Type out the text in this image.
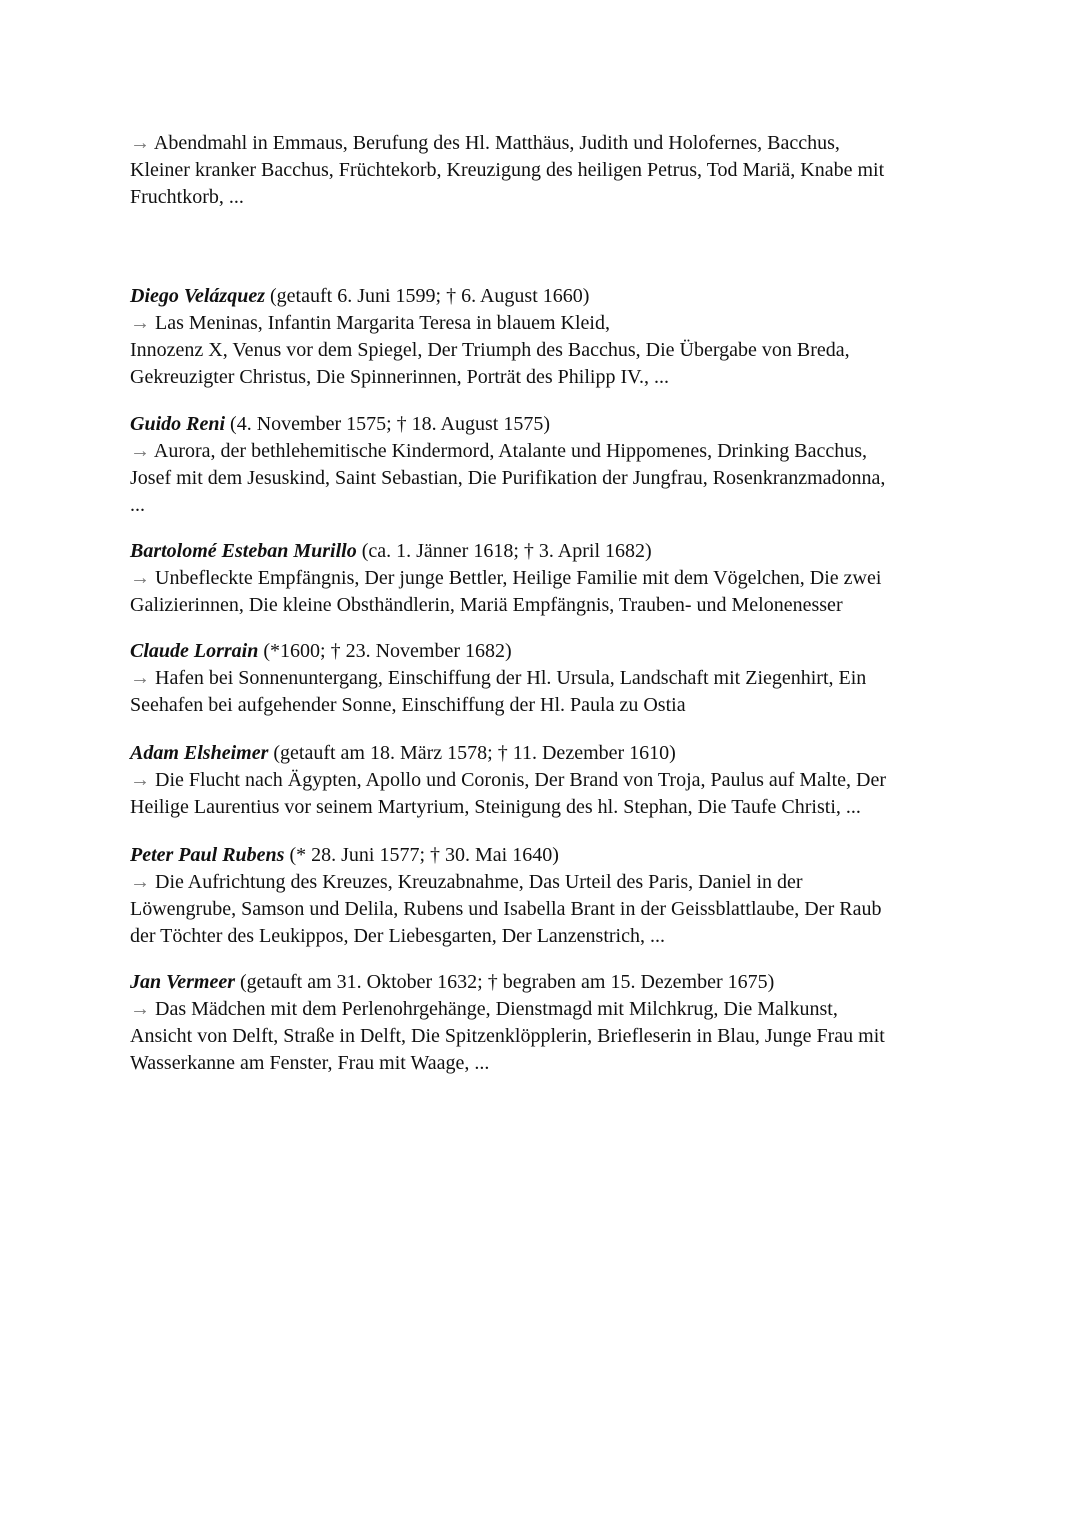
→ Abendmahl in Emmaus, Berufung des Hl. Matthäus, Judith und Holofernes, Bacchus,
Kleiner kranker Bacchus, Früchtekorb, Kreuzigung des heiligen Petrus, Tod Mariä, Knabe mit
Fruchtkorb, ...
Diego Velázquez (getauft 6. Juni 1599; † 6. August 1660)
→ Las Meninas, Infantin Margarita Teresa in blauem Kleid,
Innozenz X, Venus vor dem Spiegel, Der Triumph des Bacchus, Die Übergabe von Breda,
Gekreuzigter Christus, Die Spinnerinnen, Porträt des Philipp IV., ...
Guido Reni (4. November 1575; † 18. August 1575)
→ Aurora, der bethlehemitische Kindermord, Atalante und Hippomenes, Drinking Bacchus,
Josef mit dem Jesuskind, Saint Sebastian, Die Purifikation der Jungfrau, Rosenkranzmadonna,
...
Bartolomé Esteban Murillo (ca. 1. Jänner 1618; † 3. April 1682)
→ Unbefleckte Empfängnis, Der junge Bettler, Heilige Familie mit dem Vögelchen, Die zwei
Galizierinnen, Die kleine Obsthändlerin, Mariä Empfängnis, Trauben- und Melonenesser
Claude Lorrain (*1600; † 23. November 1682)
→ Hafen bei Sonnenuntergang, Einschiffung der Hl. Ursula, Landschaft mit Ziegenhirt, Ein
Seehafen bei aufgehender Sonne, Einschiffung der Hl. Paula zu Ostia
Adam Elsheimer (getauft am 18. März 1578; † 11. Dezember 1610)
→ Die Flucht nach Ägypten, Apollo und Coronis, Der Brand von Troja, Paulus auf Malte, Der
Heilige Laurentius vor seinem Martyrium, Steinigung des hl. Stephan, Die Taufe Christi, ...
Peter Paul Rubens (* 28. Juni 1577; † 30. Mai 1640)
→ Die Aufrichtung des Kreuzes, Kreuzabnahme, Das Urteil des Paris, Daniel in der
Löwengrube, Samson und Delila, Rubens und Isabella Brant in der Geissblattlaube, Der Raub
der Töchter des Leukippos, Der Liebesgarten, Der Lanzenstrich, ...
Jan Vermeer (getauft am 31. Oktober 1632; † begraben am 15. Dezember 1675)
→ Das Mädchen mit dem Perlenohrgehänge, Dienstmagd mit Milchkrug, Die Malkunst,
Ansicht von Delft, Straße in Delft, Die Spitzenklöpplerin, Briefleserin in Blau, Junge Frau mit
Wasserkanne am Fenster, Frau mit Waage, ...
